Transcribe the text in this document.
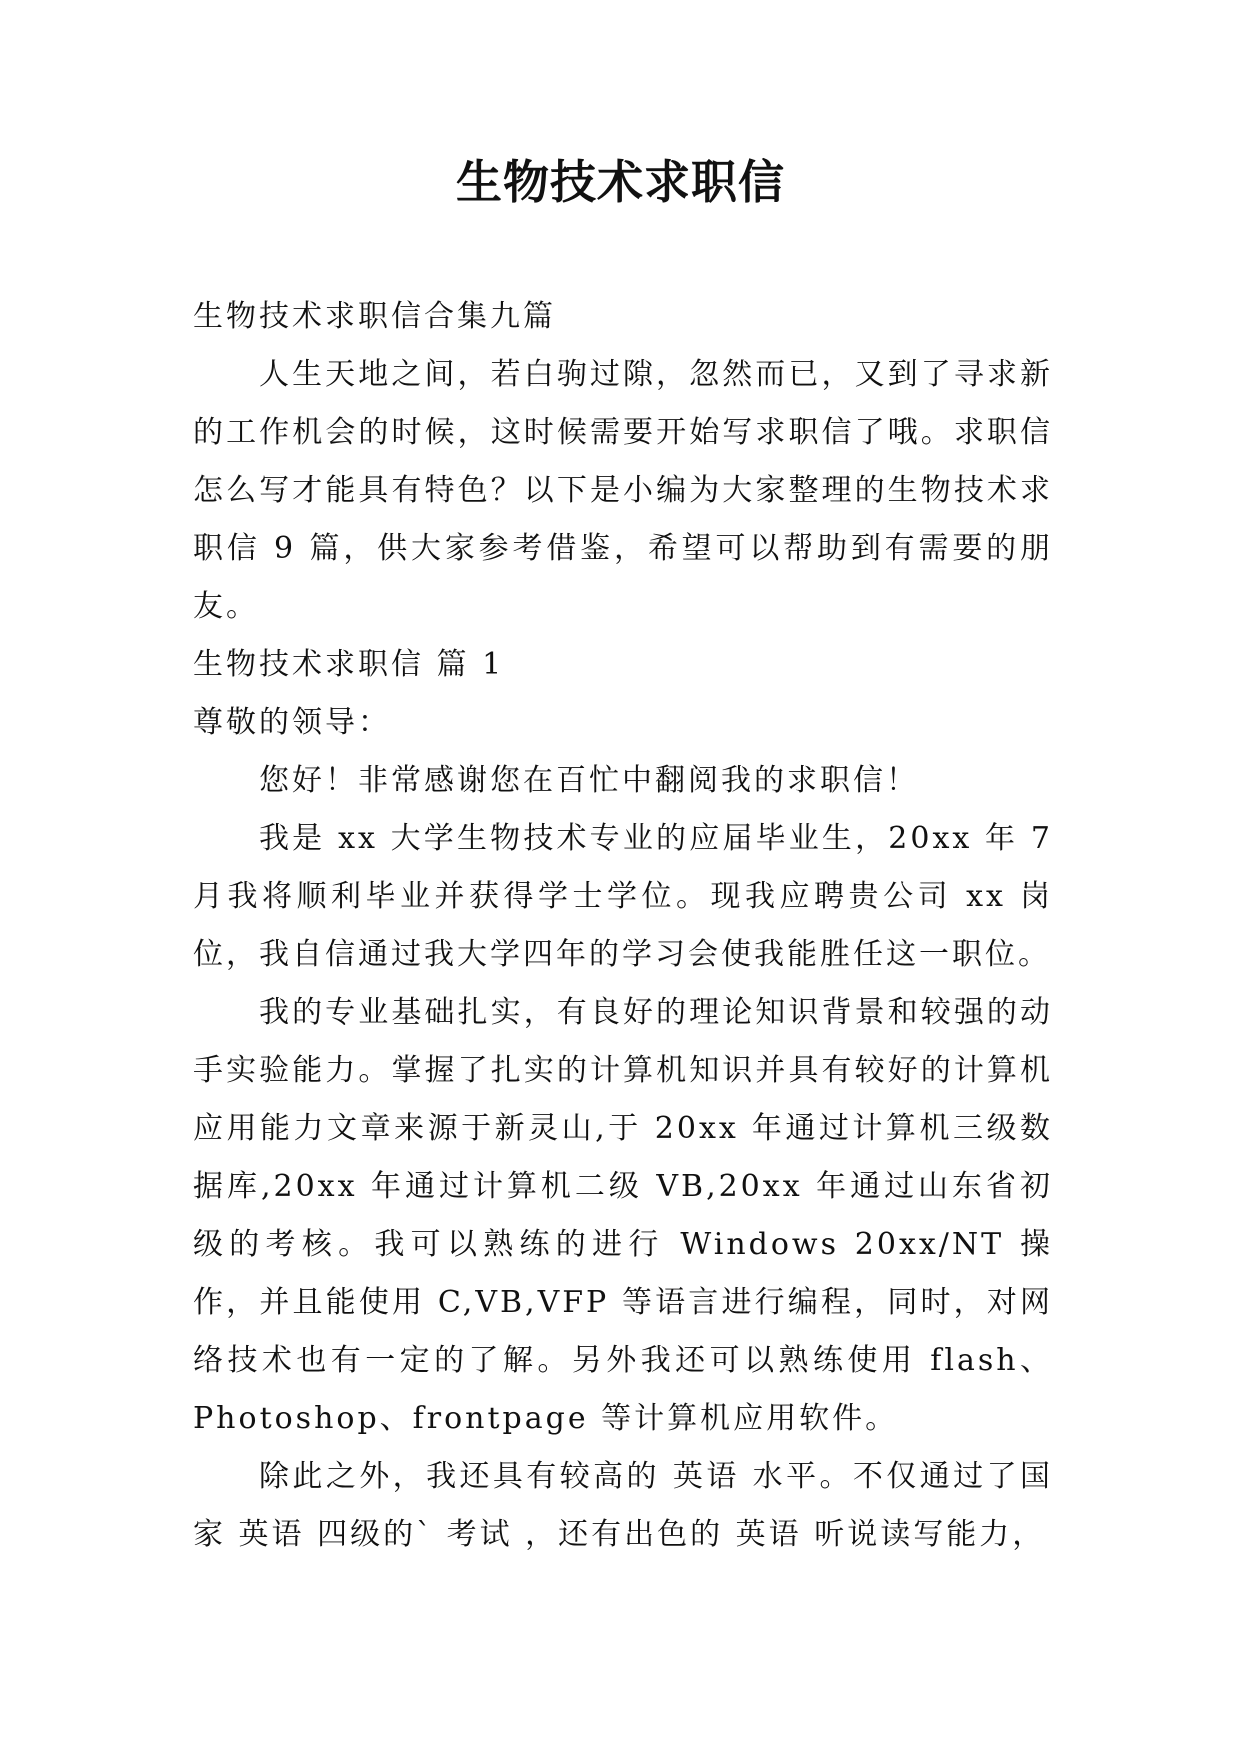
生物技术求职信

生物技术求职信合集九篇

人生天地之间，若白驹过隙，忽然而已，又到了寻求新的工作机会的时候，这时候需要开始写求职信了哦。求职信怎么写才能具有特色？以下是小编为大家整理的生物技术求职信 9 篇，供大家参考借鉴，希望可以帮助到有需要的朋友。

生物技术求职信 篇 1

尊敬的领导：

您好！非常感谢您在百忙中翻阅我的求职信！

我是 xx 大学生物技术专业的应届毕业生，20xx 年 7 月我将顺利毕业并获得学士学位。现我应聘贵公司 xx 岗位，我自信通过我大学四年的学习会使我能胜任这一职位。

我的专业基础扎实，有良好的理论知识背景和较强的动手实验能力。掌握了扎实的计算机知识并具有较好的计算机应用能力文章来源于新灵山,于 20xx 年通过计算机三级数据库,20xx 年通过计算机二级 VB,20xx 年通过山东省初级的考核。我可以熟练的进行 Windows 20xx/NT 操作，并且能使用 C,VB,VFP 等语言进行编程，同时，对网络技术也有一定的了解。另外我还可以熟练使用 flash、Photoshop、frontpage 等计算机应用软件。

除此之外，我还具有较高的 英语 水平。不仅通过了国家 英语 四级的` 考试 ，还有出色的 英语 听说读写能力，
